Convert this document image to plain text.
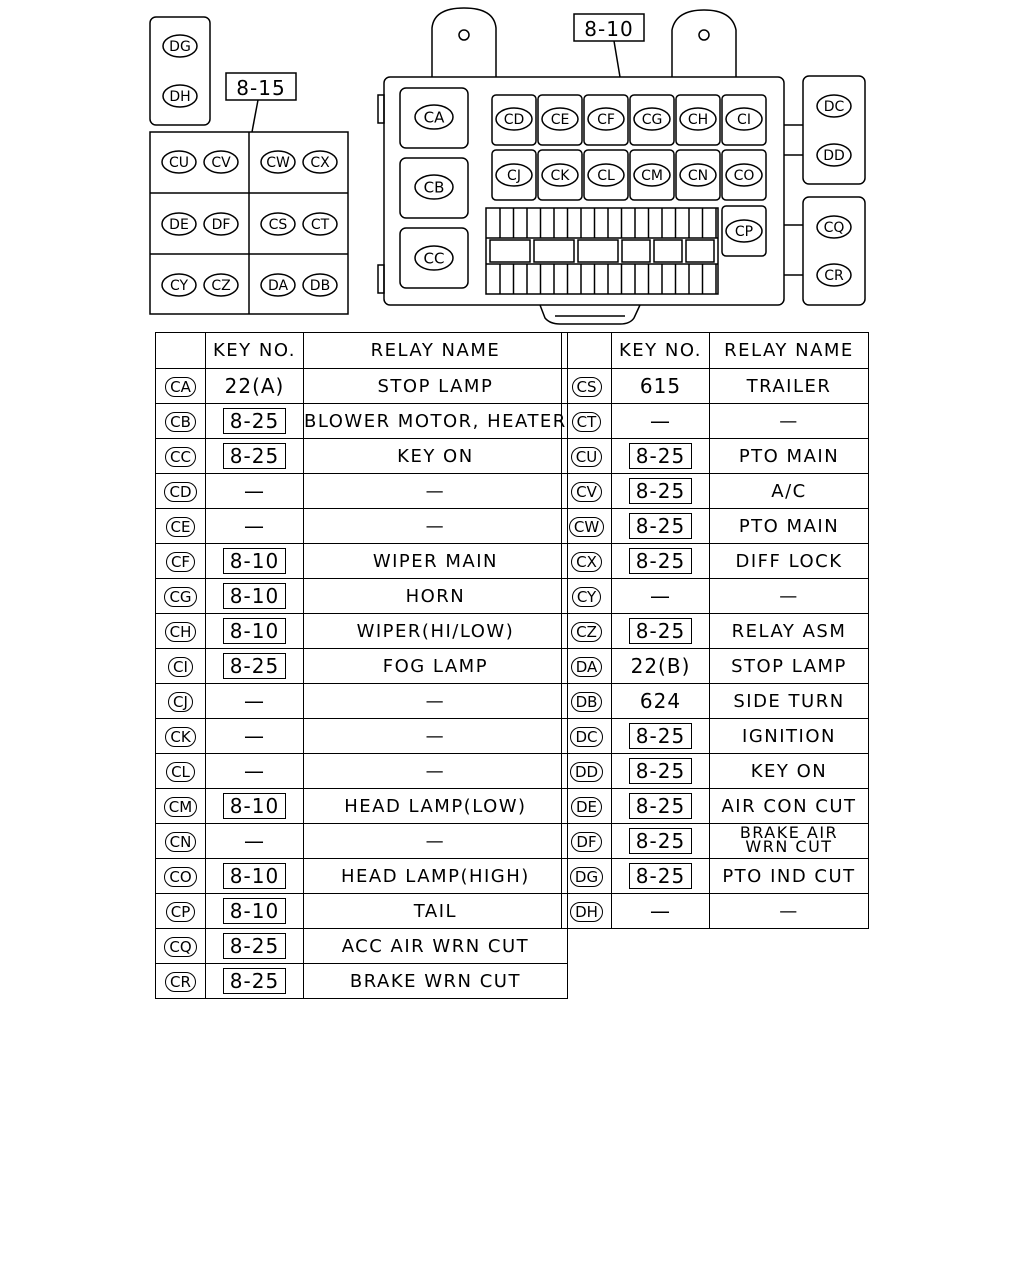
8-15
8-10
DG
DH
CU CV	CW CX
DE DF	CS CT
CY CZ	DA DB
CA
CB
CC
CD CE CF CG CH CI
CJ CK CL CM CN CO
CP
DC
DD
CQ
CR
	KEY NO.	RELAY NAME
CA	22(A)	STOP LAMP
CB	8-25	BLOWER MOTOR, HEATER
CC	8-25	KEY ON
CD	—	—
CE	—	—
CF	8-10	WIPER MAIN
CG	8-10	HORN
CH	8-10	WIPER(HI/LOW)
CI	8-25	FOG LAMP
CJ	—	—
CK	—	—
CL	—	—
CM	8-10	HEAD LAMP(LOW)
CN	—	—
CO	8-10	HEAD LAMP(HIGH)
CP	8-10	TAIL
CQ	8-25	ACC AIR WRN CUT
CR	8-25	BRAKE WRN CUT
	KEY NO.	RELAY NAME
CS	615	TRAILER
CT	—	—
CU	8-25	PTO MAIN
CV	8-25	A/C
CW	8-25	PTO MAIN
CX	8-25	DIFF LOCK
CY	—	—
CZ	8-25	RELAY ASM
DA	22(B)	STOP LAMP
DB	624	SIDE TURN
DC	8-25	IGNITION
DD	8-25	KEY ON
DE	8-25	AIR CON CUT
DF	8-25	BRAKE AIR
WRN CUT
DG	8-25	PTO IND CUT
DH	—	—
